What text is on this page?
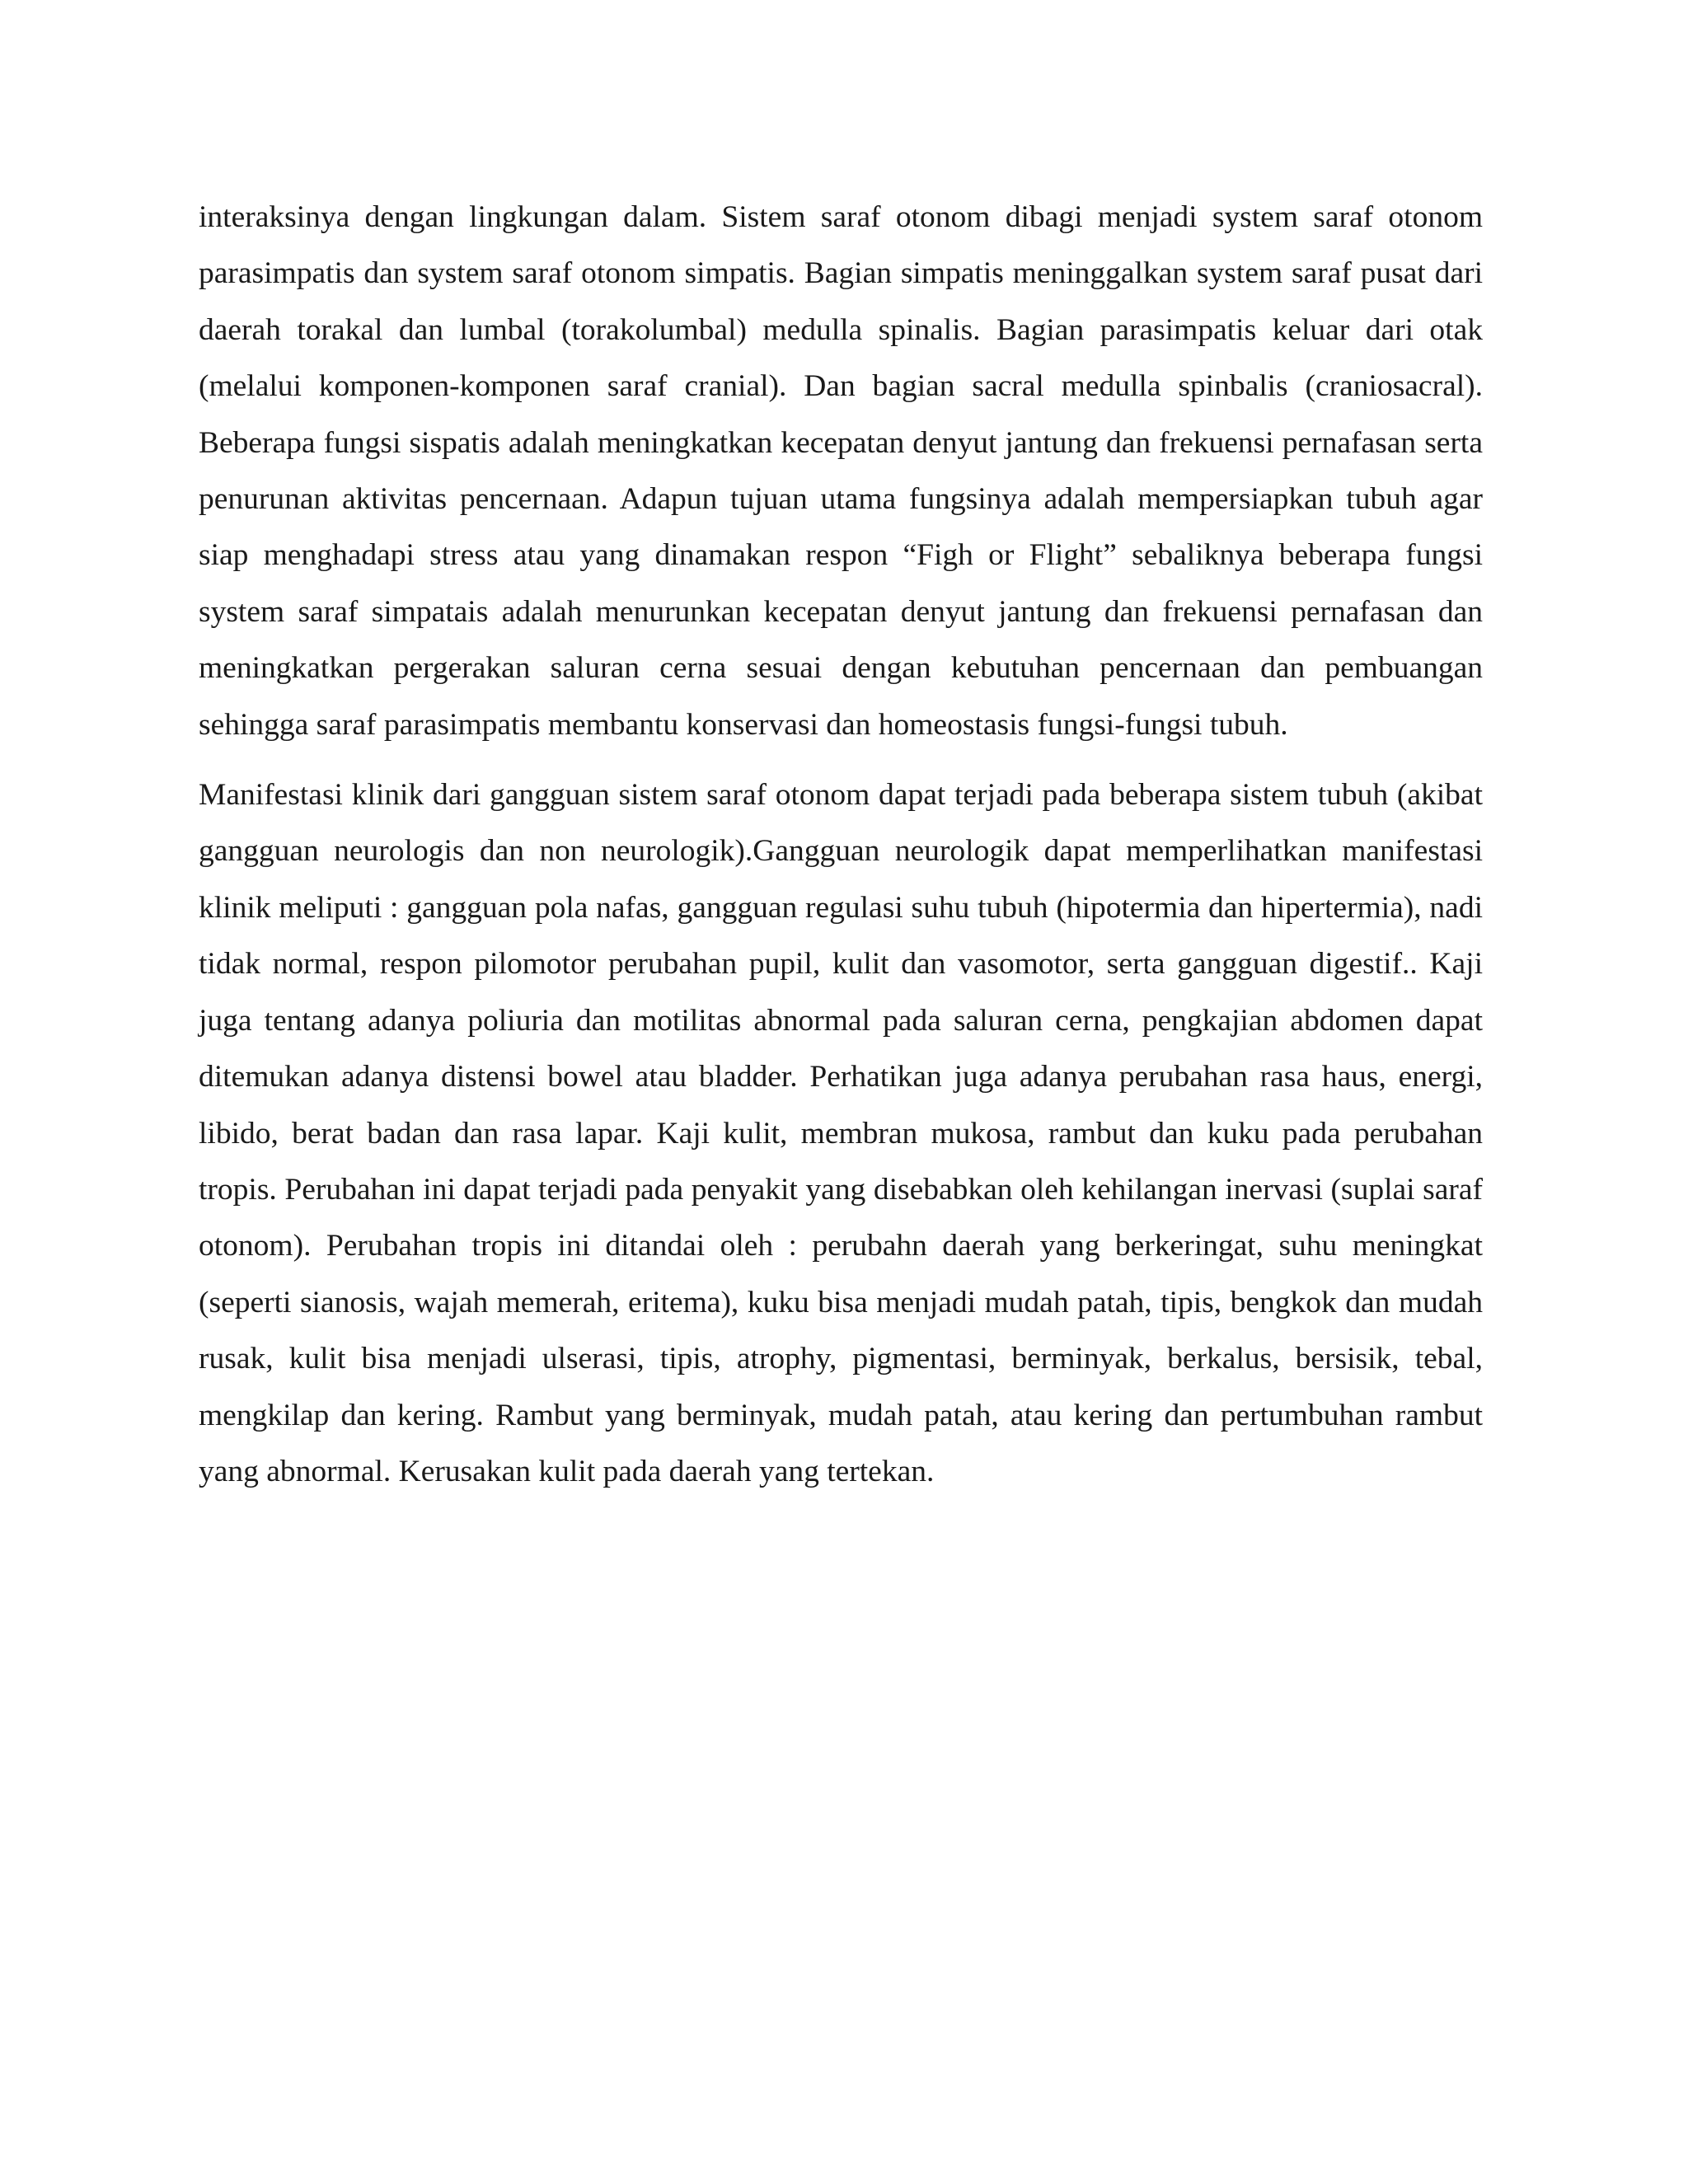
interaksinya dengan lingkungan dalam. Sistem saraf otonom dibagi menjadi system saraf otonom parasimpatis dan system saraf otonom simpatis. Bagian simpatis meninggalkan system saraf pusat dari daerah torakal dan lumbal (torakolumbal) medulla spinalis. Bagian parasimpatis keluar dari otak (melalui komponen-komponen saraf cranial). Dan bagian sacral medulla spinbalis (craniosacral). Beberapa fungsi sispatis adalah meningkatkan kecepatan denyut jantung dan frekuensi pernafasan serta penurunan aktivitas pencernaan. Adapun tujuan utama fungsinya adalah mempersiapkan tubuh agar siap menghadapi stress atau yang dinamakan respon “Figh or Flight” sebaliknya beberapa fungsi system saraf simpatais adalah menurunkan kecepatan denyut jantung dan frekuensi pernafasan dan meningkatkan pergerakan saluran cerna sesuai dengan kebutuhan pencernaan dan pembuangan sehingga saraf parasimpatis membantu konservasi dan homeostasis fungsi-fungsi tubuh.

Manifestasi klinik dari gangguan sistem saraf otonom dapat terjadi pada beberapa sistem tubuh (akibat gangguan neurologis dan non neurologik).Gangguan neurologik dapat memperlihatkan manifestasi klinik meliputi : gangguan pola nafas, gangguan regulasi suhu tubuh (hipotermia dan hipertermia), nadi tidak normal, respon pilomotor perubahan pupil, kulit dan vasomotor, serta gangguan digestif.. Kaji juga tentang adanya poliuria dan motilitas abnormal pada saluran cerna, pengkajian abdomen dapat ditemukan adanya distensi bowel atau bladder. Perhatikan juga adanya perubahan rasa haus, energi, libido, berat badan dan rasa lapar. Kaji kulit, membran mukosa, rambut dan kuku pada perubahan tropis. Perubahan ini dapat terjadi pada penyakit yang disebabkan oleh kehilangan inervasi (suplai saraf otonom). Perubahan tropis ini ditandai oleh : perubahn daerah yang berkeringat, suhu meningkat (seperti sianosis, wajah memerah, eritema), kuku bisa menjadi mudah patah, tipis, bengkok dan mudah rusak, kulit bisa menjadi ulserasi, tipis, atrophy, pigmentasi, berminyak, berkalus, bersisik, tebal, mengkilap dan kering. Rambut yang berminyak, mudah patah, atau kering dan pertumbuhan rambut yang abnormal. Kerusakan kulit pada daerah yang tertekan.
